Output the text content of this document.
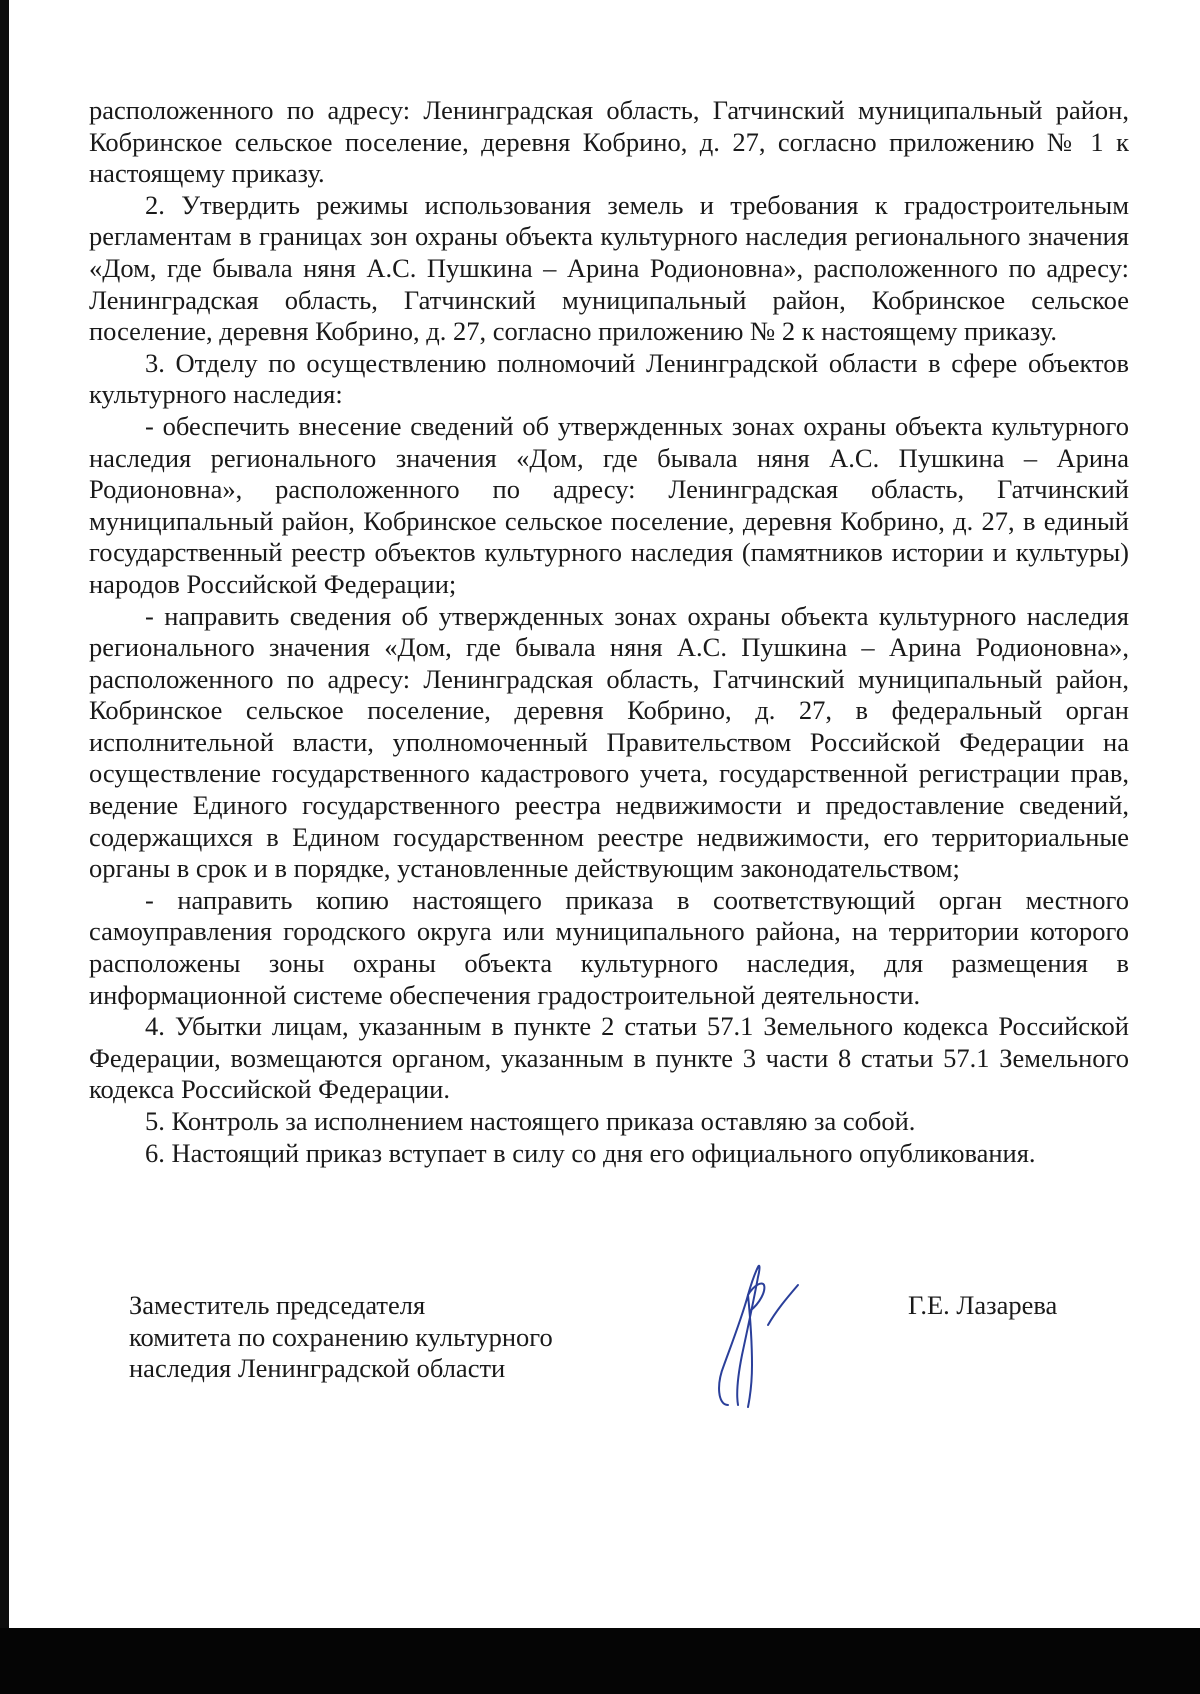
расположенного по адресу: Ленинградская область, Гатчинский муниципальный район, Кобринское сельское поселение, деревня Кобрино, д. 27, согласно приложению № 1 к настоящему приказу.

2. Утвердить режимы использования земель и требования к градостроительным регламентам в границах зон охраны объекта культурного наследия регионального значения «Дом, где бывала няня А.С. Пушкина – Арина Родионовна», расположенного по адресу: Ленинградская область, Гатчинский муниципальный район, Кобринское сельское поселение, деревня Кобрино, д. 27, согласно приложению № 2 к настоящему приказу.

3. Отделу по осуществлению полномочий Ленинградской области в сфере объектов культурного наследия:

- обеспечить внесение сведений об утвержденных зонах охраны объекта культурного наследия регионального значения «Дом, где бывала няня А.С. Пушкина – Арина Родионовна», расположенного по адресу: Ленинградская область, Гатчинский муниципальный район, Кобринское сельское поселение, деревня Кобрино, д. 27, в единый государственный реестр объектов культурного наследия (памятников истории и культуры) народов Российской Федерации;

- направить сведения об утвержденных зонах охраны объекта культурного наследия регионального значения «Дом, где бывала няня А.С. Пушкина – Арина Родионовна», расположенного по адресу: Ленинградская область, Гатчинский муниципальный район, Кобринское сельское поселение, деревня Кобрино, д. 27, в федеральный орган исполнительной власти, уполномоченный Правительством Российской Федерации на осуществление государственного кадастрового учета, государственной регистрации прав, ведение Единого государственного реестра недвижимости и предоставление сведений, содержащихся в Едином государственном реестре недвижимости, его территориальные органы в срок и в порядке, установленные действующим законодательством;

- направить копию настоящего приказа в соответствующий орган местного самоуправления городского округа или муниципального района, на территории которого расположены зоны охраны объекта культурного наследия, для размещения в информационной системе обеспечения градостроительной деятельности.

4. Убытки лицам, указанным в пункте 2 статьи 57.1 Земельного кодекса Российской Федерации, возмещаются органом, указанным в пункте 3 части 8 статьи 57.1 Земельного кодекса Российской Федерации.

5. Контроль за исполнением настоящего приказа оставляю за собой.

6. Настоящий приказ вступает в силу со дня его официального опубликования.

Заместитель председателя
комитета по сохранению культурного
наследия Ленинградской области
Г.Е. Лазарева
